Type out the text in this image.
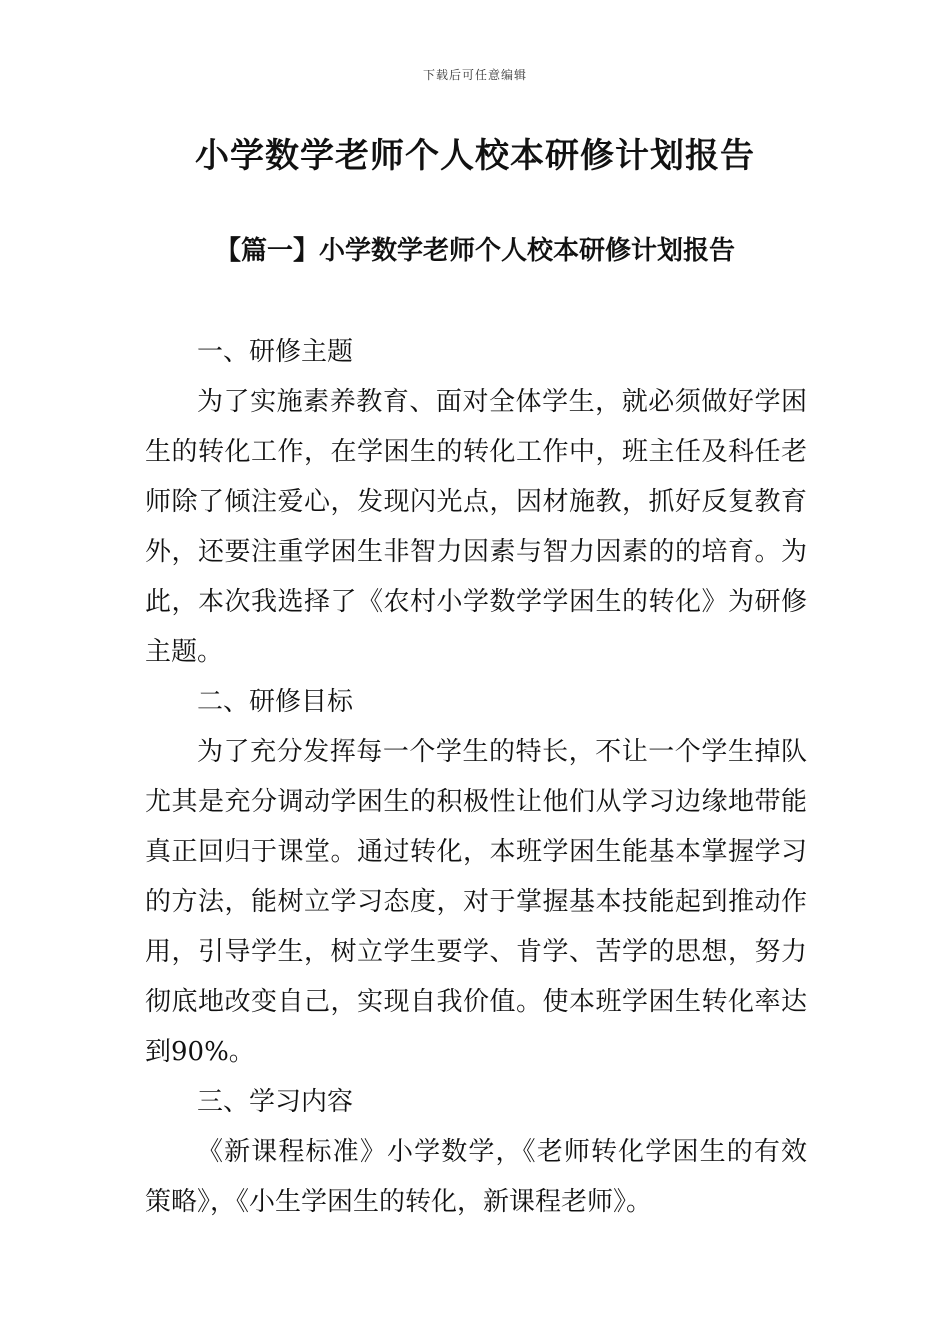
下载后可任意编辑
小学数学老师个人校本研修计划报告
【篇一】小学数学老师个人校本研修计划报告

一、研修主题

为了实施素养教育、面对全体学生，就必须做好学困生的转化工作，在学困生的转化工作中，班主任及科任老师除了倾注爱心，发现闪光点，因材施教，抓好反复教育外，还要注重学困生非智力因素与智力因素的的培育。为此，本次我选择了《农村小学数学学困生的转化》为研修主题。

二、研修目标

为了充分发挥每一个学生的特长，不让一个学生掉队尤其是充分调动学困生的积极性让他们从学习边缘地带能真正回归于课堂。通过转化，本班学困生能基本掌握学习的方法，能树立学习态度，对于掌握基本技能起到推动作用，引导学生，树立学生要学、肯学、苦学的思想，努力彻底地改变自己，实现自我价值。使本班学困生转化率达到90%。

三、学习内容

《新课程标准》小学数学，《老师转化学困生的有效策略》，《小生学困生的转化，新课程老师》。
